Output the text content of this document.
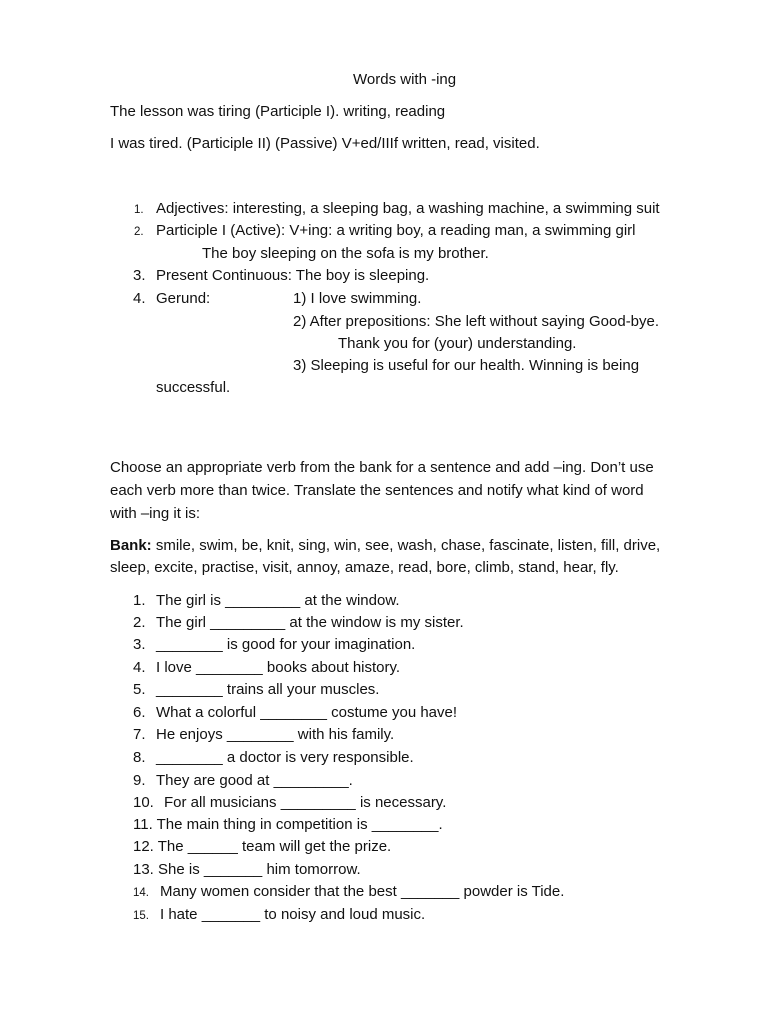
Words with -ing
The lesson was tiring (Participle I). writing, reading
I was tired. (Participle II) (Passive) V+ed/IIIf written, read, visited.
1. Adjectives: interesting, a sleeping bag, a washing machine, a swimming suit
2. Participle I (Active): V+ing: a writing boy, a reading man, a swimming girl
The boy sleeping on the sofa is my brother.
3. Present Continuous: The boy is sleeping.
4. Gerund:	1) I love swimming.
2) After prepositions: She left without saying Good-bye.
Thank you for (your) understanding.
3) Sleeping is useful for our health. Winning is being
successful.
Choose an appropriate verb from the bank for a sentence and add –ing. Don’t use
each verb more than twice. Translate the sentences and notify what kind of word
with –ing it is:
Bank: smile, swim, be, knit, sing, win, see, wash, chase, fascinate, listen, fill, drive,
sleep, excite, practise, visit, annoy, amaze, read, bore, climb, stand, hear, fly.
1. The girl is _________ at the window.
2. The girl _________ at the window is my sister.
3. ________ is good for your imagination.
4. I love ________ books about history.
5. ________ trains all your muscles.
6. What a colorful ________ costume you have!
7. He enjoys ________ with his family.
8. ________ a doctor is very responsible.
9. They are good at _________.
10. For all musicians _________ is necessary.
11. The main thing in competition is ________.
12. The ______ team will get the prize.
13. She is _______ him tomorrow.
14. Many women consider that the best _______ powder is Tide.
15. I hate _______ to noisy and loud music.
